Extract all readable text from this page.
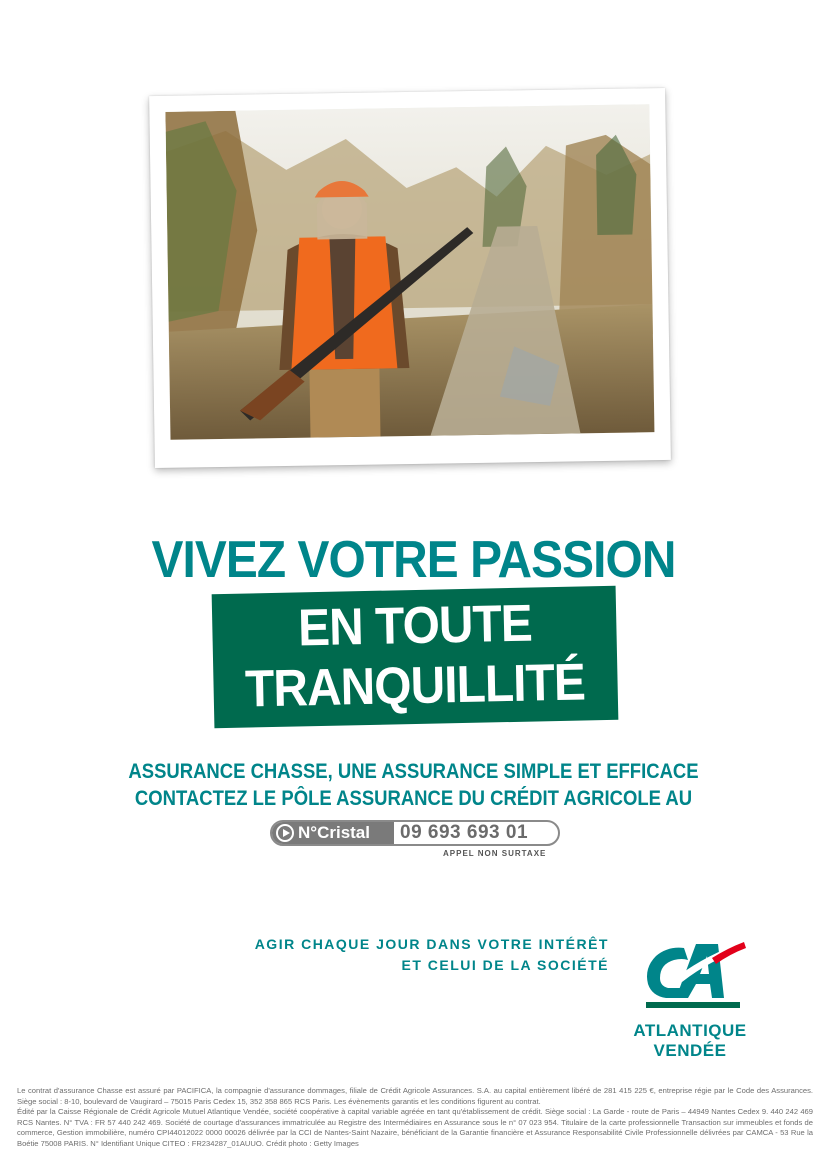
VIVEZ VOTRE PASSION
EN TOUTE
TRANQUILLITÉ
ASSURANCE CHASSE, UNE ASSURANCE SIMPLE ET EFFICACE
CONTACTEZ LE PÔLE ASSURANCE DU CRÉDIT AGRICOLE AU
N°Cristal 09 693 693 01
APPEL NON SURTAXE
AGIR CHAQUE JOUR DANS VOTRE INTÉRÊT
ET CELUI DE LA SOCIÉTÉ
ATLANTIQUE
VENDÉE

Le contrat d'assurance Chasse est assuré par PACIFICA, la compagnie d'assurance dommages, filiale de Crédit Agricole Assurances. S.A. au capital entièrement libéré de 281 415 225 €, entreprise régie par le Code des Assurances. Siège social : 8-10, boulevard de Vaugirard – 75015 Paris Cedex 15, 352 358 865 RCS Paris. Les évènements garantis et les conditions figurent au contrat.

Édité par la Caisse Régionale de Crédit Agricole Mutuel Atlantique Vendée, société coopérative à capital variable agréée en tant qu'établissement de crédit. Siège social : La Garde - route de Paris – 44949 Nantes Cedex 9. 440 242 469 RCS Nantes. N° TVA : FR 57 440 242 469. Société de courtage d'assurances immatriculée au Registre des Intermédiaires en Assurance sous le n° 07 023 954. Titulaire de la carte professionnelle Transaction sur immeubles et fonds de commerce, Gestion immobilière, numéro CPI44012022 0000 00026 délivrée par la CCI de Nantes-Saint Nazaire, bénéficiant de la Garantie financière et Assurance Responsabilité Civile Professionnelle délivrées par CAMCA - 53 Rue la Boétie 75008 PARIS. N° Identifiant Unique CITEO : FR234287_01AUUO. Crédit photo : Getty Images
